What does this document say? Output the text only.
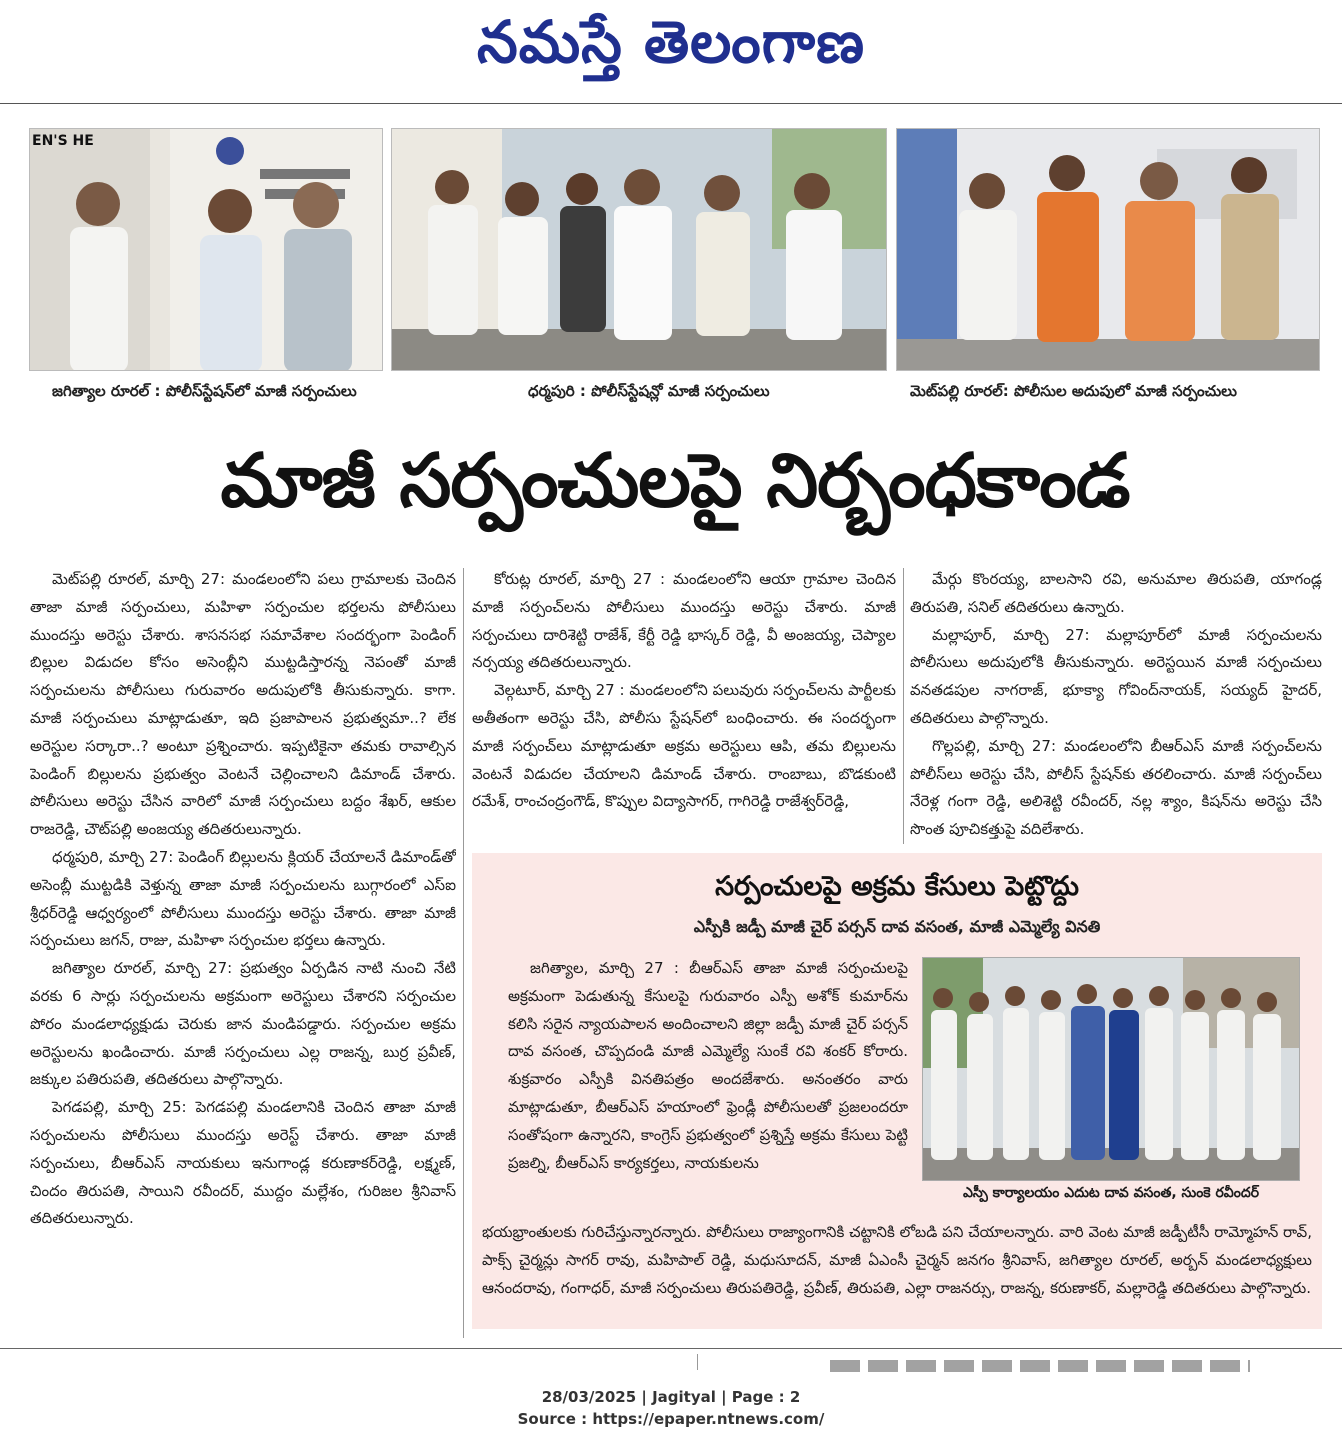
నమస్తే తెలంగాణ
EN'S HE
జగిత్యాల రూరల్ : పోలీస్‌స్టేషన్‌లో మాజీ సర్పంచులు	ధర్మపురి : పోలీస్‌స్టేషన్లో మాజీ సర్పంచులు	మెట్‌పల్లి రూరల్‌: పోలీసుల అదుపులో మాజీ సర్పంచులు
మాజీ సర్పంచులపై నిర్బంధకాండ

మెట్‌పల్లి రూరల్‌, మార్చి 27: మండలంలోని పలు గ్రామాలకు చెందిన తాజా మాజీ సర్పంచులు, మహిళా సర్పంచుల భర్తలను పోలీసులు ముందస్తు అరెస్టు చేశారు. శాసనసభ సమావేశాల సందర్భంగా పెండింగ్‌ బిల్లుల విడుదల కోసం అసెంబ్లీని ముట్టడిస్తారన్న నెపంతో మాజీ సర్పంచులను పోలీసులు గురువారం అదుపులోకి తీసుకున్నారు. కాగా. మాజీ సర్పంచులు మాట్లాడుతూ, ఇది ప్రజాపాలన ప్రభుత్వమా..? లేక అరెస్టుల సర్కారా..? అంటూ ప్రశ్నించారు. ఇప్పటికైనా తమకు రావాల్సిన పెండింగ్‌ బిల్లులను ప్రభుత్వం వెంటనే చెల్లించాలని డిమాండ్‌ చేశారు. పోలీసులు అరెస్టు చేసిన వారిలో మాజీ సర్పంచులు బద్దం శేఖర్‌, ఆకుల రాజరెడ్డి, చౌట్‌పల్లి అంజయ్య తదితరులున్నారు.

ధర్మపురి, మార్చి 27: పెండింగ్‌ బిల్లులను క్లియర్‌ చేయాలనే డిమాండ్‌తో అసెంబ్లీ ముట్టడికి వెళ్తున్న తాజా మాజీ సర్పంచులను బుగ్గారంలో ఎస్‌ఐ శ్రీధర్‌రెడ్డి ఆధ్వర్యంలో పోలీసులు ముందస్తు అరెస్టు చేశారు. తాజా మాజీ సర్పంచులు జగన్‌, రాజు, మహిళా సర్పంచుల భర్తలు ఉన్నారు.

జగిత్యాల రూరల్‌, మార్చి 27: ప్రభుత్వం ఏర్పడిన నాటి నుంచి నేటి వరకు 6 సార్లు సర్పంచులను అక్రమంగా అరెస్టులు చేశారని సర్పంచుల పోరం మండలాధ్యక్షుడు చెరుకు జాన మండిపడ్డారు. సర్పంచుల అక్రమ అరెస్టులను ఖండించారు. మాజీ సర్పంచులు ఎల్ల రాజన్న, బుర్ర ప్రవీణ్‌, జక్కుల పతిరుపతి, తదితరులు పాల్గొన్నారు.

పెగడపల్లి, మార్చి 25: పెగడపల్లి మండలానికి చెందిన తాజా మాజీ సర్పంచులను పోలీసులు ముందస్తు అరెస్ట్‌ చేశారు. తాజా మాజీ సర్పంచులు, బీఆర్‌ఎస్‌ నాయకులు ఇనుగాండ్ల కరుణాకర్‌రెడ్డి, లక్ష్మణ్‌, చిందం తిరుపతి, సాయిని రవీందర్‌, ముద్దం మల్లేశం, గురిజల శ్రీనివాస్‌ తదితరులున్నారు.

కోరుట్ల రూరల్‌, మార్చి 27 : మండలంలోని ఆయా గ్రామాల చెందిన మాజీ సర్పంచ్‌లను పోలీసులు ముందస్తు అరెస్టు చేశారు. మాజీ సర్పంచులు దారిశెట్టి రాజేశ్‌, కేర్టీ రెడ్డి భాస్కర్‌ రెడ్డి, వీ అంజయ్య, చెప్యాల నర్సయ్య తదితరులున్నారు.

వెల్గటూర్‌, మార్చి 27 : మండలంలోని పలువురు సర్పంచ్‌లను పార్టీలకు అతీతంగా అరెస్టు చేసి, పోలీసు స్టేషన్‌లో బంధించారు. ఈ సందర్భంగా మాజీ సర్పంచ్‌లు మాట్లాడుతూ అక్రమ అరెస్టులు ఆపి, తమ బిల్లులను వెంటనే విడుదల చేయాలని డిమాండ్‌ చేశారు. రాంబాబు, బొడకుంటి రమేశ్‌, రాంచంద్రంగౌడ్‌, కొప్పుల విద్యాసాగర్‌, గాగిరెడ్డి రాజేశ్వర్‌రెడ్డి,

మేర్గు కొంరయ్య, బాలసాని రవి, అనుమాల తిరుపతి, యాగండ్ల తిరుపతి, సనిల్‌ తదితరులు ఉన్నారు.

మల్లాపూర్‌, మార్చి 27: మల్లాపూర్‌లో మాజీ సర్పంచులను పోలీసులు అదుపులోకి తీసుకున్నారు. అరెస్టయిన మాజీ సర్పంచులు వనతడపుల నాగరాజ్‌, భూక్యా గోవింద్‌నాయక్‌, సయ్యద్‌ హైదర్‌, తదితరులు పాల్గొన్నారు.

గొల్లపల్లి, మార్చి 27: మండలంలోని బీఆర్‌ఎస్‌ మాజీ సర్పంచ్‌లను పోలీస్‌లు అరెస్టు చేసి, పోలీస్‌ స్టేషన్‌కు తరలించారు. మాజీ సర్పంచ్‌లు నేరెళ్ల గంగా రెడ్డి, అలిశెట్టి రవీందర్‌, నల్ల శ్యాం, కిషన్‌ను అరెస్టు చేసి సొంత పూచికత్తుపై వదిలేశారు.

సర్పంచులపై అక్రమ కేసులు పెట్టొద్దు
ఎస్పీకి జడ్పీ మాజీ చైర్‌ పర్సన్‌ దావ వసంత, మాజీ ఎమ్మెల్యే వినతి

జగిత్యాల, మార్చి 27 : బీఆర్‌ఎస్‌ తాజా మాజీ సర్పంచులపై అక్రమంగా పెడుతున్న కేసులపై గురువారం ఎస్పీ అశోక్‌ కుమార్‌ను కలిసి సరైన న్యాయపాలన అందించాలని జిల్లా జడ్పీ మాజీ చైర్‌ పర్సన్‌ దావ వసంత, చొప్పదండి మాజీ ఎమ్మెల్యే సుంకే రవి శంకర్‌ కోరారు. శుక్రవారం ఎస్పీకి వినతిపత్రం అందజేశారు. అనంతరం వారు మాట్లాడుతూ, బీఆర్‌ఎస్‌ హయాంలో ఫ్రెండ్లీ పోలీసులతో ప్రజలందరూ సంతోషంగా ఉన్నారని, కాంగ్రెస్‌ ప్రభుత్వంలో ప్రశ్నిస్తే అక్రమ కేసులు పెట్టి ప్రజల్ని, బీఆర్‌ఎస్‌ కార్యకర్తలు, నాయకులను

ఎస్పీ కార్యాలయం ఎదుట దావ వసంత, సుంకె రవీందర్‌
భయభ్రాంతులకు గురిచేస్తున్నారన్నారు. పోలీసులు రాజ్యాంగానికి చట్టానికి లోబడి పని చేయాలన్నారు. వారి వెంట మాజీ జడ్పీటీసీ రామ్మోహన్‌ రావ్‌, పాక్స్‌ చైర్మన్లు సాగర్‌ రావు, మహిపాల్‌ రెడ్డి, మధుసూదన్‌, మాజీ ఏఎంసీ చైర్మన్‌ జనగం శ్రీనివాస్‌, జగిత్యాల రూరల్‌, అర్బన్‌ మండలాధ్యక్షులు ఆనందరావు, గంగాధర్‌, మాజీ సర్పంచులు తిరుపతిరెడ్డి, ప్రవీణ్‌, తిరుపతి, ఎల్లా రాజనర్సు, రాజన్న, కరుణాకర్‌, మల్లారెడ్డి తదితరులు పాల్గొన్నారు.
28/03/2025 | Jagityal | Page : 2
Source : https://epaper.ntnews.com/
